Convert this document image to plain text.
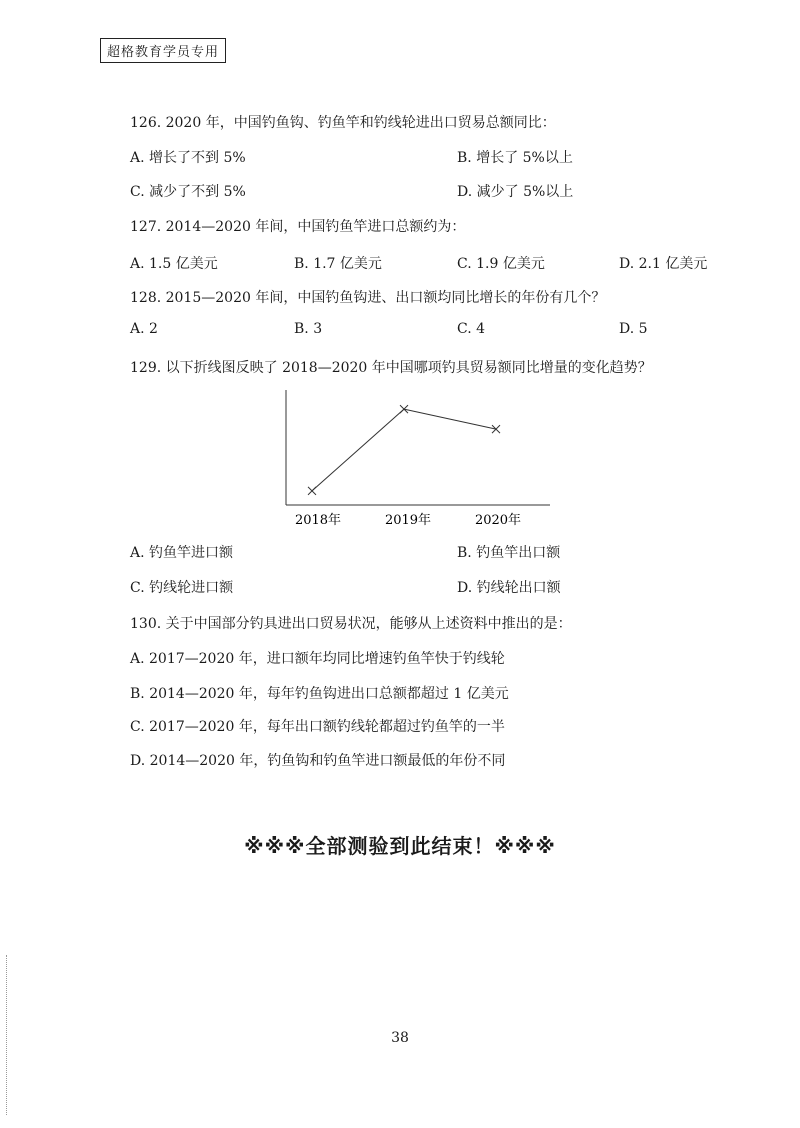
超格教育学员专用
126. 2020 年，中国钓鱼钩、钓鱼竿和钓线轮进出口贸易总额同比：
A. 增长了不到 5%	B. 增长了 5%以上
C. 减少了不到 5%	D. 减少了 5%以上
127. 2014—2020 年间，中国钓鱼竿进口总额约为：
A. 1.5 亿美元	B. 1.7 亿美元	C. 1.9 亿美元	D. 2.1 亿美元
128. 2015—2020 年间，中国钓鱼钩进、出口额均同比增长的年份有几个？
A. 2	B. 3	C. 4	D. 5
129. 以下折线图反映了 2018—2020 年中国哪项钓具贸易额同比增量的变化趋势？
2018年	2019年	2020年
A. 钓鱼竿进口额	B. 钓鱼竿出口额
C. 钓线轮进口额	D. 钓线轮出口额
130. 关于中国部分钓具进出口贸易状况，能够从上述资料中推出的是：
A. 2017—2020 年，进口额年均同比增速钓鱼竿快于钓线轮
B. 2014—2020 年，每年钓鱼钩进出口总额都超过 1 亿美元
C. 2017—2020 年，每年出口额钓线轮都超过钓鱼竿的一半
D. 2014—2020 年，钓鱼钩和钓鱼竿进口额最低的年份不同
※※※全部测验到此结束！※※※
38
